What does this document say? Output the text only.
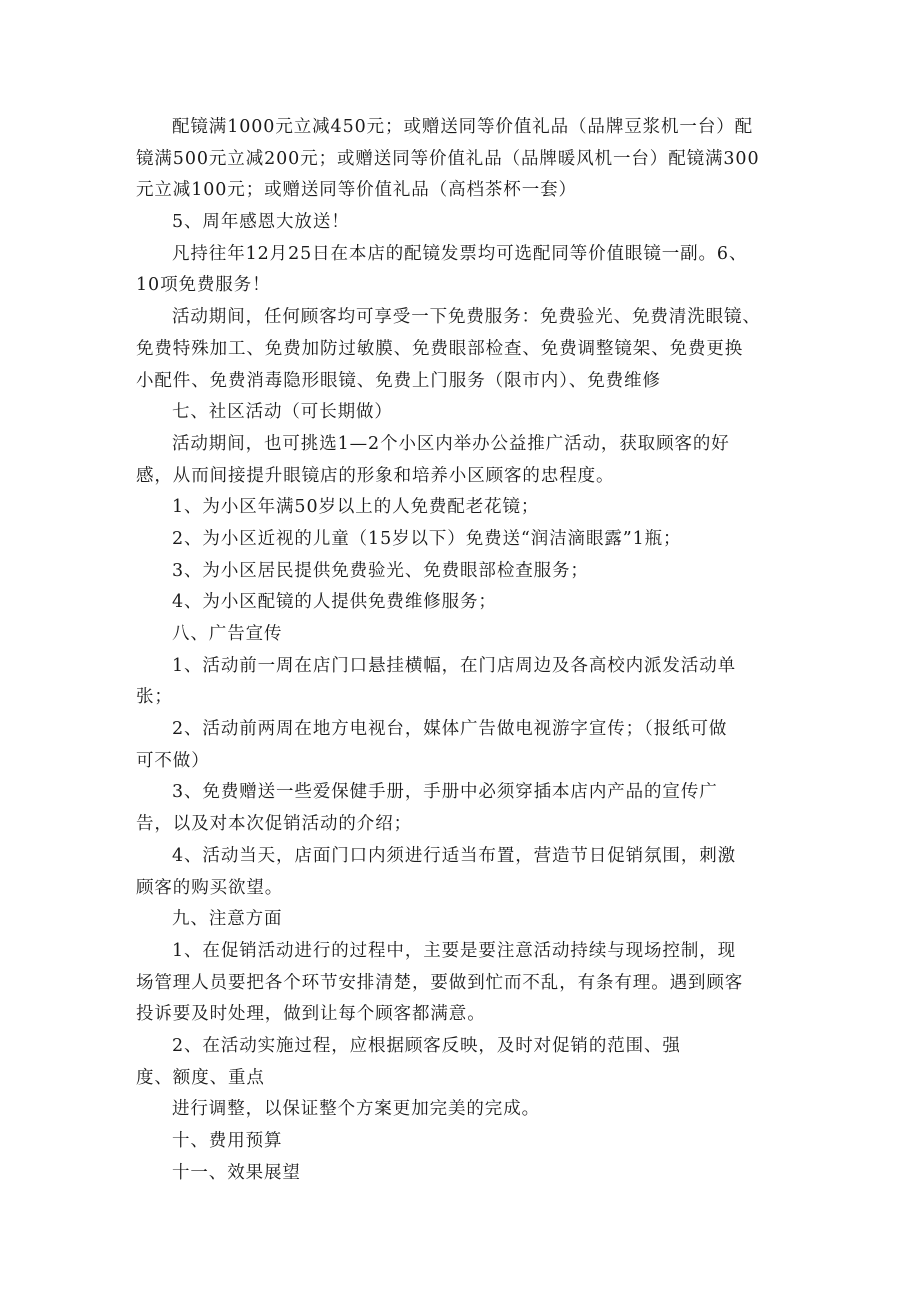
配镜满1000元立减450元；或赠送同等价值礼品（品牌豆浆机一台）配
镜满500元立减200元；或赠送同等价值礼品（品牌暖风机一台）配镜满300
元立减100元；或赠送同等价值礼品（高档茶杯一套）
5、周年感恩大放送！
凡持往年12月25日在本店的配镜发票均可选配同等价值眼镜一副。6、
10项免费服务！
活动期间，任何顾客均可享受一下免费服务：免费验光、免费清洗眼镜、
免费特殊加工、免费加防过敏膜、免费眼部检查、免费调整镜架、免费更换
小配件、免费消毒隐形眼镜、免费上门服务（限市内）、免费维修
七、社区活动（可长期做）
活动期间，也可挑选1—2个小区内举办公益推广活动，获取顾客的好
感，从而间接提升眼镜店的形象和培养小区顾客的忠程度。
1、为小区年满50岁以上的人免费配老花镜；
2、为小区近视的儿童（15岁以下）免费送“润洁滴眼露”1瓶；
3、为小区居民提供免费验光、免费眼部检查服务；
4、为小区配镜的人提供免费维修服务；
八、广告宣传
1、活动前一周在店门口悬挂横幅，在门店周边及各高校内派发活动单
张；
2、活动前两周在地方电视台，媒体广告做电视游字宣传；（报纸可做
可不做）
3、免费赠送一些爱保健手册，手册中必须穿插本店内产品的宣传广
告，以及对本次促销活动的介绍；
4、活动当天，店面门口内须进行适当布置，营造节日促销氛围，刺激
顾客的购买欲望。
九、注意方面
1、在促销活动进行的过程中，主要是要注意活动持续与现场控制，现
场管理人员要把各个环节安排清楚，要做到忙而不乱，有条有理。遇到顾客
投诉要及时处理，做到让每个顾客都满意。
2、在活动实施过程，应根据顾客反映，及时对促销的范围、强
度、额度、重点
进行调整，以保证整个方案更加完美的完成。
十、费用预算
十一、效果展望
